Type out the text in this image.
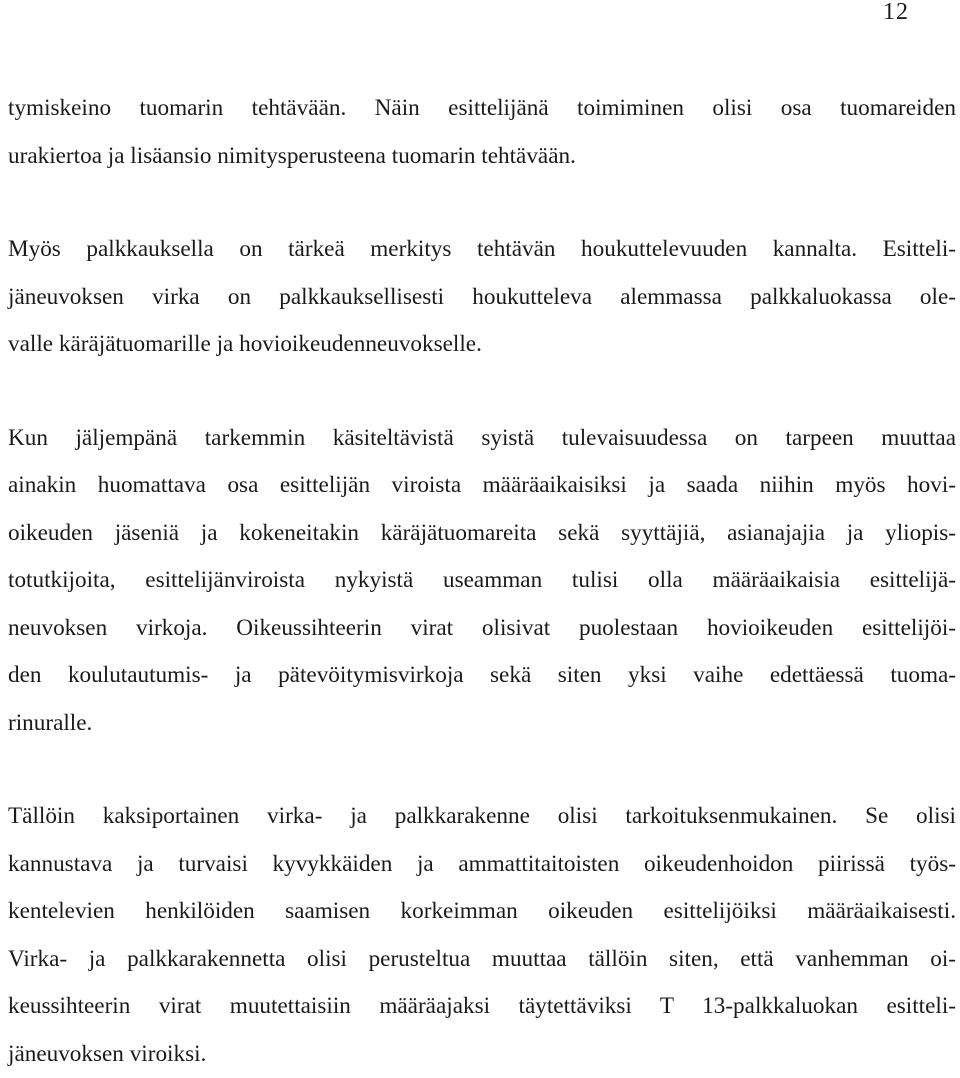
12

tymiskeino tuomarin tehtävään. Näin esittelijänä toimiminen olisi osa tuomareiden
urakiertoa ja lisäansio nimitysperusteena tuomarin tehtävään.

Myös palkkauksella on tärkeä merkitys tehtävän houkuttelevuuden kannalta. Esitteli-
jäneuvoksen virka on palkkauksellisesti houkutteleva alemmassa palkkaluokassa ole-
valle käräjätuomarille ja hovioikeudenneuvokselle.

Kun jäljempänä tarkemmin käsiteltävistä syistä tulevaisuudessa on tarpeen muuttaa
ainakin huomattava osa esittelijän viroista määräaikaisiksi ja saada niihin myös hovi-
oikeuden jäseniä ja kokeneitakin käräjätuomareita sekä syyttäjiä, asianajajia ja yliopis-
totutkijoita, esittelijänviroista nykyistä useamman tulisi olla määräaikaisia esittelijä-
neuvoksen virkoja. Oikeussihteerin virat olisivat puolestaan hovioikeuden esittelijöi-
den koulutautumis- ja pätevöitymisvirkoja sekä siten yksi vaihe edettäessä tuoma-
rinuralle.

Tällöin kaksiportainen virka- ja palkkarakenne olisi tarkoituksenmukainen. Se olisi
kannustava ja turvaisi kyvykkäiden ja ammattitaitoisten oikeudenhoidon piirissä työs-
kentelevien henkilöiden saamisen korkeimman oikeuden esittelijöiksi määräaikaisesti.
Virka- ja palkkarakennetta olisi perusteltua muuttaa tällöin siten, että vanhemman oi-
keussihteerin virat muutettaisiin määräajaksi täytettäviksi T 13-palkkaluokan esitteli-
jäneuvoksen viroiksi.
